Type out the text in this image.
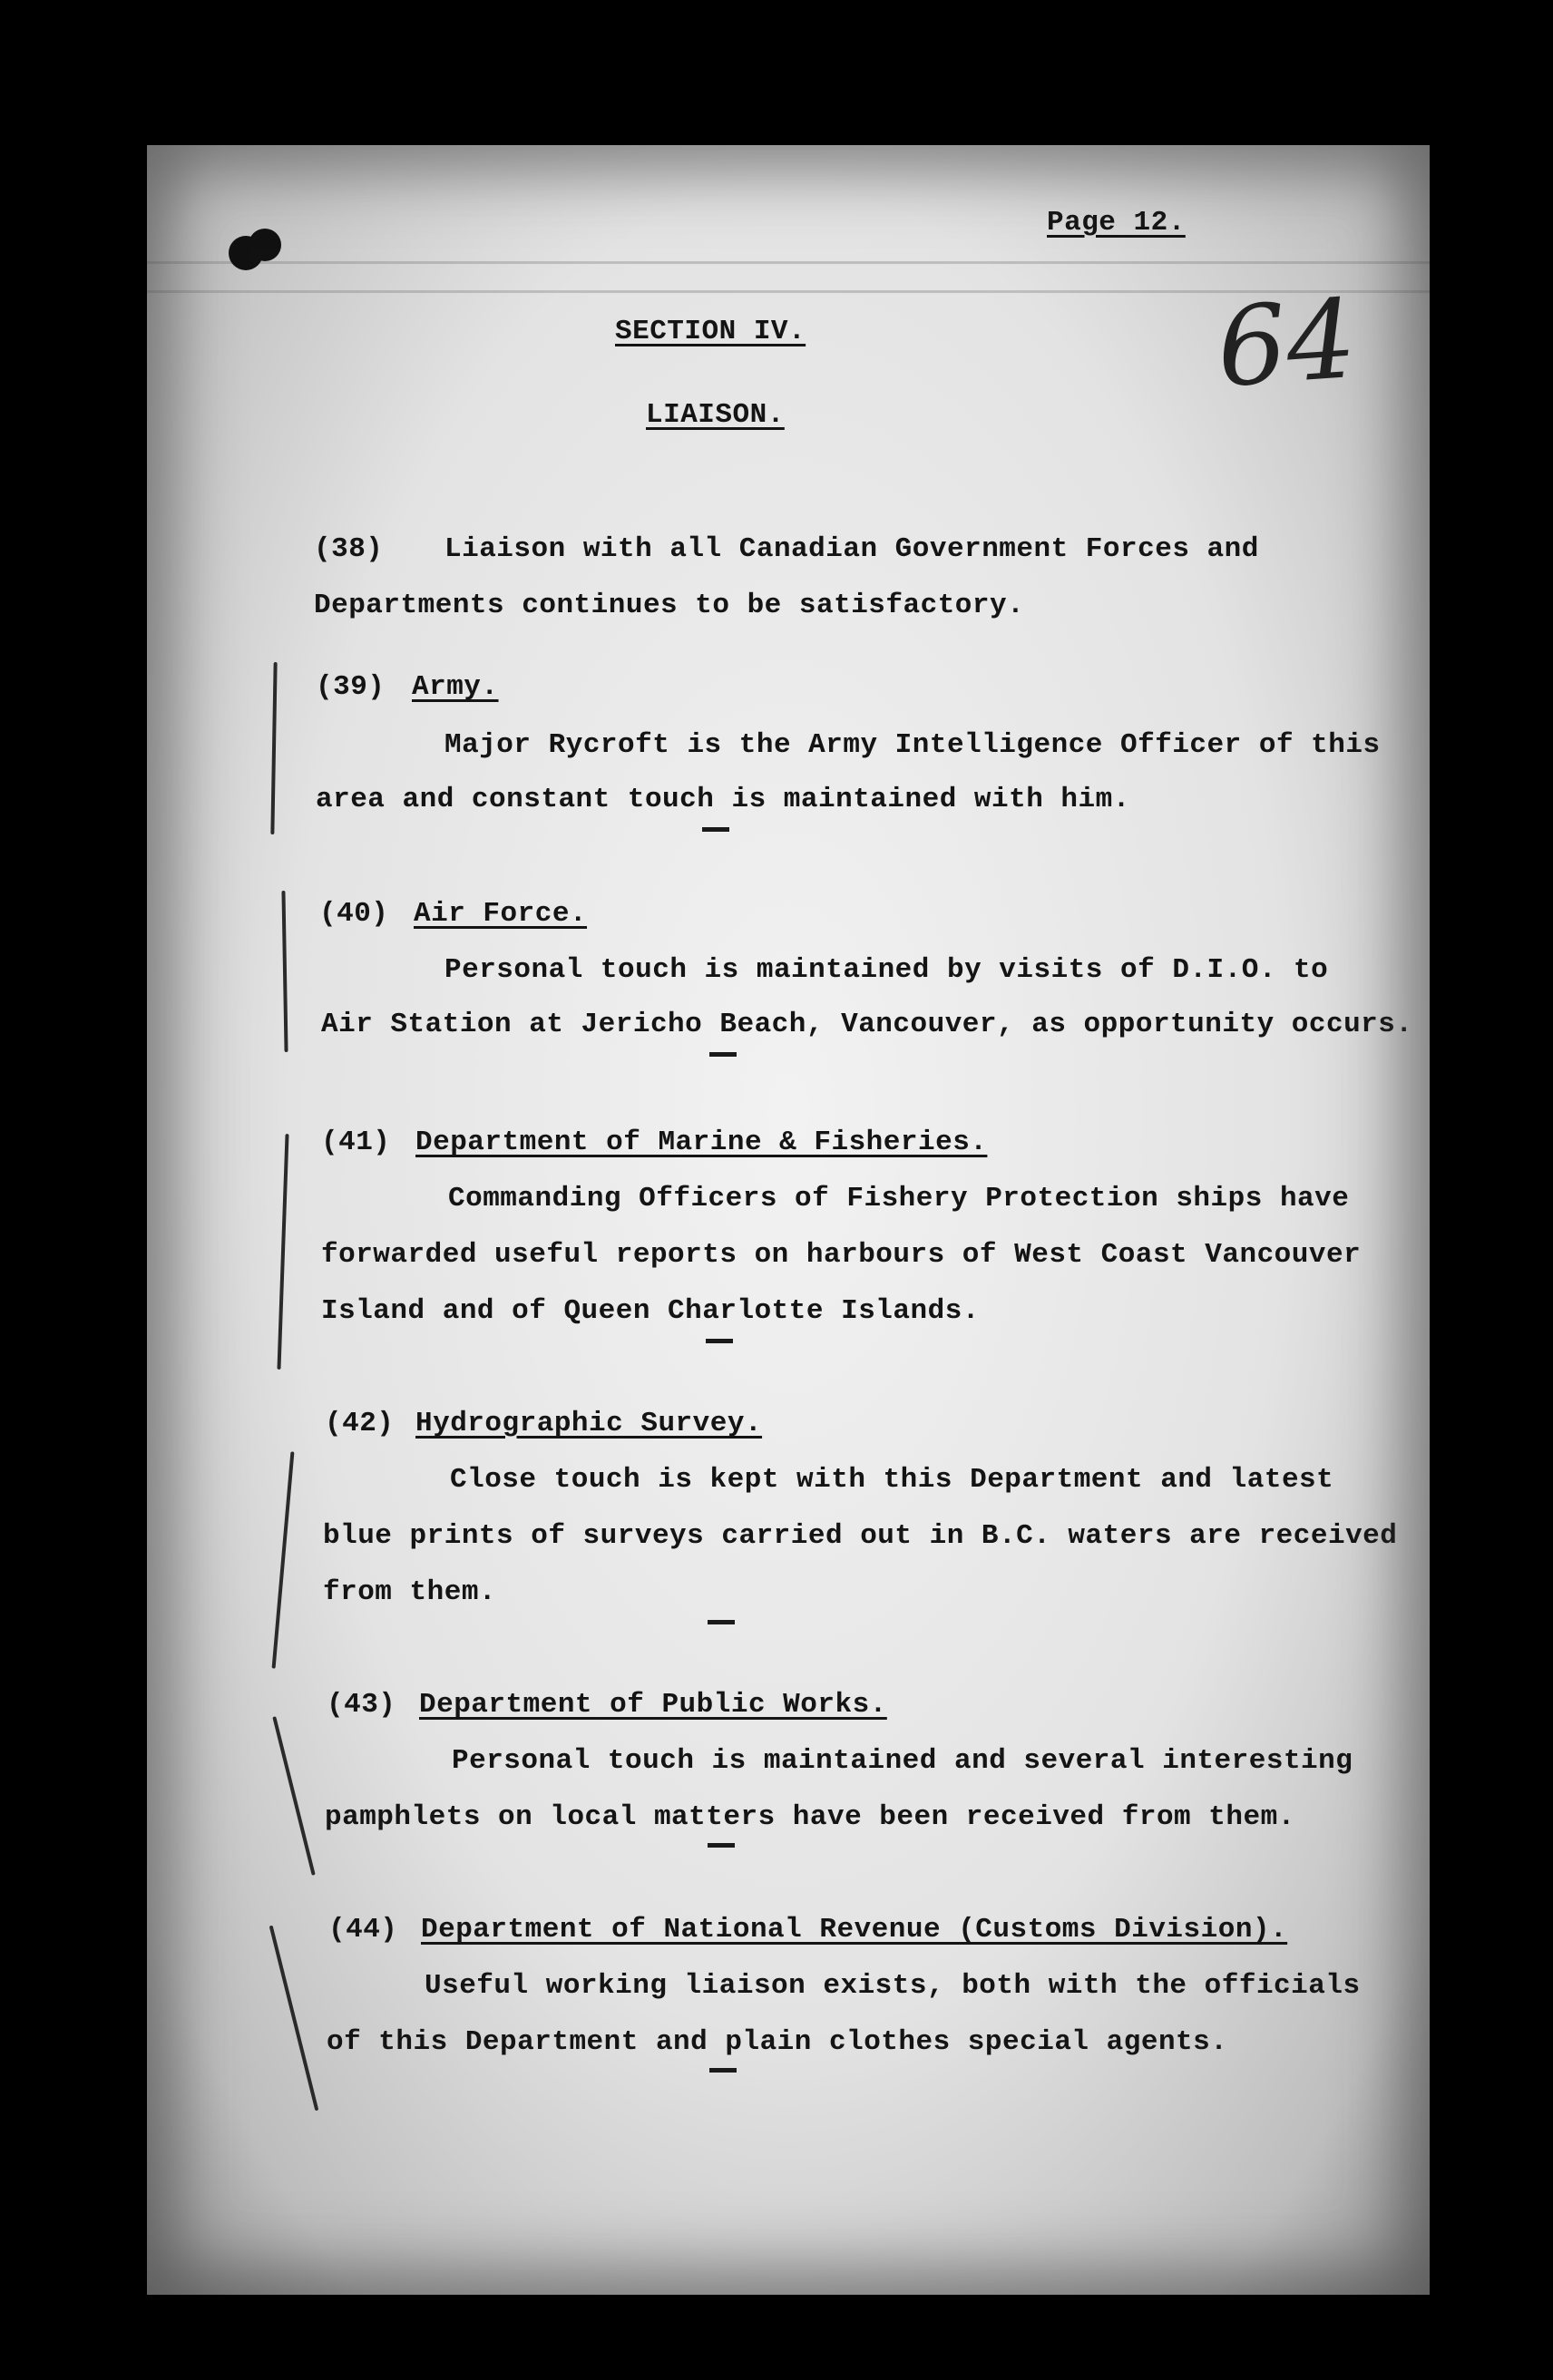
Page 12.
64
SECTION IV.
LIAISON.
(38) Liaison with all Canadian Government Forces and
Departments continues to be satisfactory.
(39) Army.
Major Rycroft is the Army Intelligence Officer of this
area and constant touch is maintained with him.
(40) Air Force.
Personal touch is maintained by visits of D.I.O. to
Air Station at Jericho Beach, Vancouver, as opportunity occurs.
(41) Department of Marine & Fisheries.
Commanding Officers of Fishery Protection ships have
forwarded useful reports on harbours of West Coast Vancouver
Island and of Queen Charlotte Islands.
(42) Hydrographic Survey.
Close touch is kept with this Department and latest
blue prints of surveys carried out in B.C. waters are received
from them.
(43) Department of Public Works.
Personal touch is maintained and several interesting
pamphlets on local matters have been received from them.
(44) Department of National Revenue (Customs Division).
Useful working liaison exists, both with the officials
of this Department and plain clothes special agents.
